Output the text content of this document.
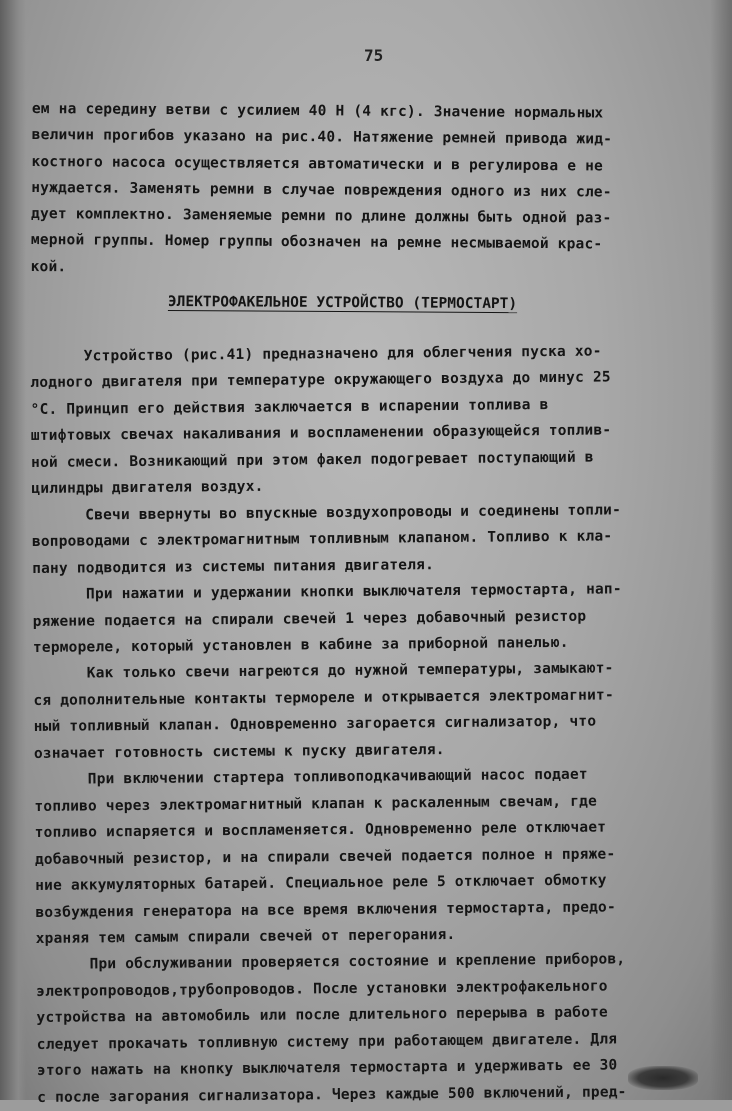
75
ем на середину ветви с усилием 40 Н (4 кгс). Значение нормальных
величин прогибов указано на рис.40. Натяжение ремней привода жид-
костного насоса осуществляется автоматически и в регулирова е не
нуждается. Заменять ремни в случае повреждения одного из них сле-
дует комплектно. Заменяемые ремни по длине должны быть одной раз-
мерной группы. Номер группы обозначен на ремне несмываемой крас-
кой.
ЭЛЕКТРОФАКЕЛЬНОЕ УСТРОЙСТВО (ТЕРМОСТАРТ)
Устройство (рис.41) предназначено для облегчения пуска хо-
лодного двигателя при температуре окружающего воздуха до минус 25
°С. Принцип его действия заключается в испарении топлива в
штифтовых свечах накаливания и воспламенении образующейся топлив-
ной смеси. Возникающий при этом факел подогревает поступающий в
цилиндры двигателя воздух.
Свечи ввернуты во впускные воздухопроводы и соединены топли-
вопроводами с электромагнитным топливным клапаном. Топливо к кла-
пану подводится из системы питания двигателя.
При нажатии и удержании кнопки выключателя термостарта, нап-
ряжение подается на спирали свечей 1 через добавочный резистор
термореле, который установлен в кабине за приборной панелью.
Как только свечи нагреются до нужной температуры, замыкают-
ся дополнительные контакты термореле и открывается электромагнит-
ный топливный клапан. Одновременно загорается сигнализатор, что
означает готовность системы к пуску двигателя.
При включении стартера топливоподкачивающий насос подает
топливо через электромагнитный клапан к раскаленным свечам, где
топливо испаряется и воспламеняется. Одновременно реле отключает
добавочный резистор, и на спирали свечей подается полное н пряже-
ние аккумуляторных батарей. Специальное реле 5 отключает обмотку
возбуждения генератора на все время включения термостарта, предо-
храняя тем самым спирали свечей от перегорания.
При обслуживании проверяется состояние и крепление приборов,
электропроводов,трубопроводов. После установки электрофакельного
устройства на автомобиль или после длительного перерыва в работе
следует прокачать топливную систему при работающем двигателе. Для
этого нажать на кнопку выключателя термостарта и удерживать ее 30
с после загорания сигнализатора. Через каждые 500 включений, пред-
